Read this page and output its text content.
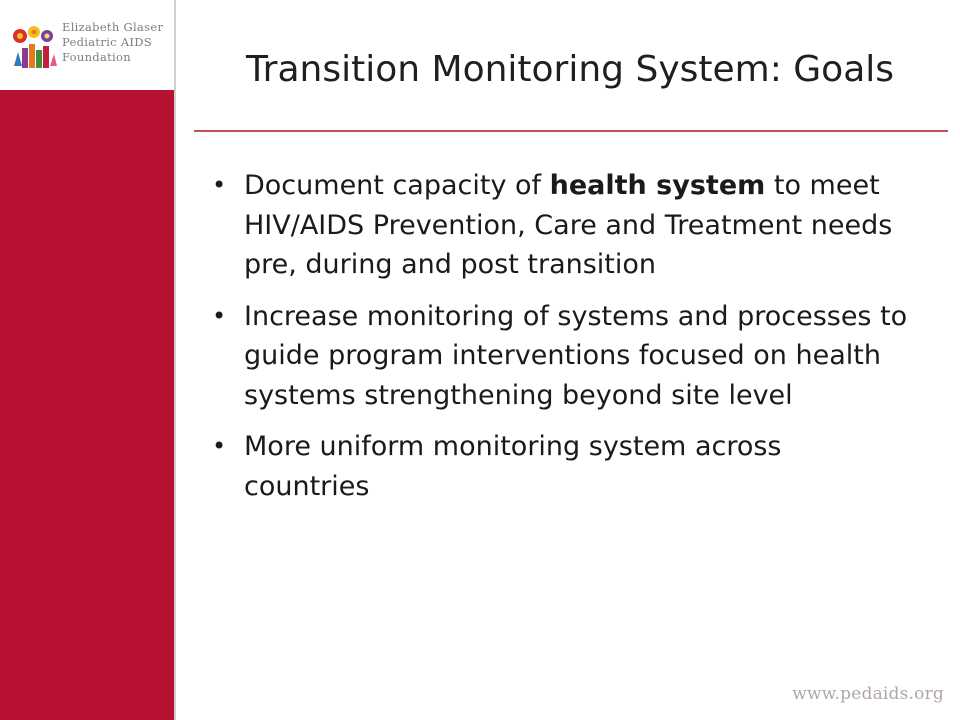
Elizabeth Glaser
Pediatric AIDS
Foundation	Transition Monitoring System: Goals
• Document capacity of health system to meet HIV/AIDS Prevention, Care and Treatment needs pre, during and post transition
• Increase monitoring of systems and processes to guide program interventions focused on health systems strengthening beyond site level
• More uniform monitoring system across countries
www.pedaids.org
